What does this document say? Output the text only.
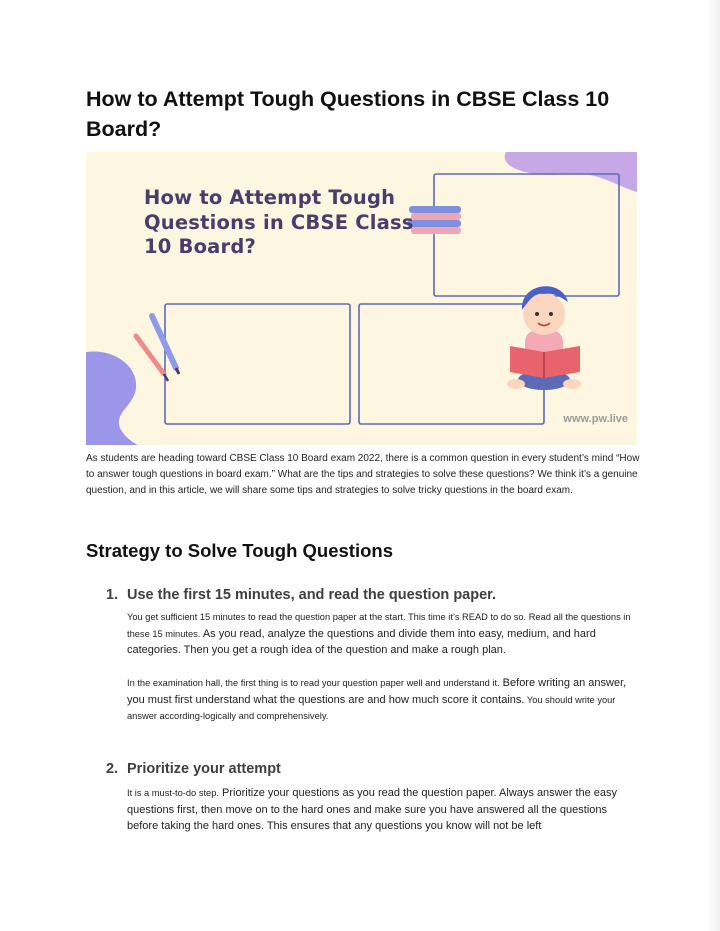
How to Attempt Tough Questions in CBSE Class 10 Board?
How to Attempt Tough Questions in CBSE Class 10 Board?
www.pw.live

As students are heading toward CBSE Class 10 Board exam 2022, there is a common question in every student’s mind “How to answer tough questions in board exam.” What are the tips and strategies to solve these questions? We think it’s a genuine question, and in this article, we will share some tips and strategies to solve tricky questions in the board exam.

Strategy to Solve Tough Questions
1. Use the first 15 minutes, and read the question paper.

You get sufficient 15 minutes to read the question paper at the start. This time it’s READ to do so. Read all the questions in these 15 minutes. As you read, analyze the questions and divide them into easy, medium, and hard categories. Then you get a rough idea of the question and make a rough plan.

In the examination hall, the first thing is to read your question paper well and understand it. Before writing an answer, you must first understand what the questions are and how much score it contains. You should write your answer according-logically and comprehensively.

2. Prioritize your attempt

It is a must-to-do step. Prioritize your questions as you read the question paper. Always answer the easy questions first, then move on to the hard ones and make sure you have answered all the questions before taking the hard ones. This ensures that any questions you know will not be left
